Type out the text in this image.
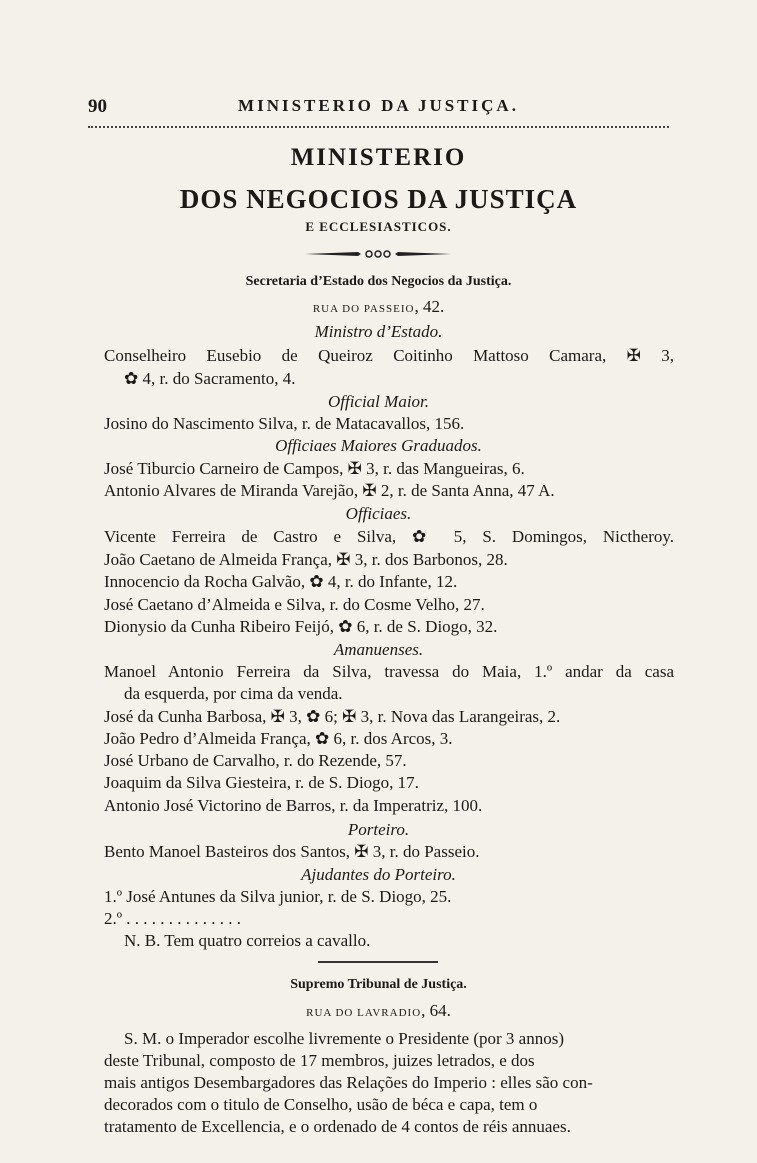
90	MINISTERIO DA JUSTIÇA.
MINISTERIO
DOS NEGOCIOS DA JUSTIÇA
E ECCLESIASTICOS.
Secretaria d’Estado dos Negocios da Justiça.
RUA DO PASSEIO, 42.
Ministro d’Estado.
Conselheiro Eusebio de Queiroz Coitinho Mattoso Camara, ✠ 3,
✿ 4, r. do Sacramento, 4.
Official Maior.
Josino do Nascimento Silva, r. de Matacavallos, 156.
Officiaes Maiores Graduados.
José Tiburcio Carneiro de Campos, ✠ 3, r. das Mangueiras, 6.
Antonio Alvares de Miranda Varejão, ✠ 2, r. de Santa Anna, 47 A.
Officiaes.
Vicente Ferreira de Castro e Silva, ✿ 5, S. Domingos, Nictheroy.
João Caetano de Almeida França, ✠ 3, r. dos Barbonos, 28.
Innocencio da Rocha Galvão, ✿ 4, r. do Infante, 12.
José Caetano d’Almeida e Silva, r. do Cosme Velho, 27.
Dionysio da Cunha Ribeiro Feijó, ✿ 6, r. de S. Diogo, 32.
Amanuenses.
Manoel Antonio Ferreira da Silva, travessa do Maia, 1.º andar da casa
da esquerda, por cima da venda.
José da Cunha Barbosa, ✠ 3, ✿ 6; ✠ 3, r. Nova das Larangeiras, 2.
João Pedro d’Almeida França, ✿ 6, r. dos Arcos, 3.
José Urbano de Carvalho, r. do Rezende, 57.
Joaquim da Silva Giesteira, r. de S. Diogo, 17.
Antonio José Victorino de Barros, r. da Imperatriz, 100.
Porteiro.
Bento Manoel Basteiros dos Santos, ✠ 3, r. do Passeio.
Ajudantes do Porteiro.
1.º José Antunes da Silva junior, r. de S. Diogo, 25.
2.º . . . . . . . . . . . . . .
N. B. Tem quatro correios a cavallo.
Supremo Tribunal de Justiça.
RUA DO LAVRADIO, 64.
S. M. o Imperador escolhe livremente o Presidente (por 3 annos)
deste Tribunal, composto de 17 membros, juizes letrados, e dos
mais antigos Desembargadores das Relações do Imperio : elles são con-
decorados com o titulo de Conselho, usão de béca e capa, tem o
tratamento de Excellencia, e o ordenado de 4 contos de réis annuaes.
